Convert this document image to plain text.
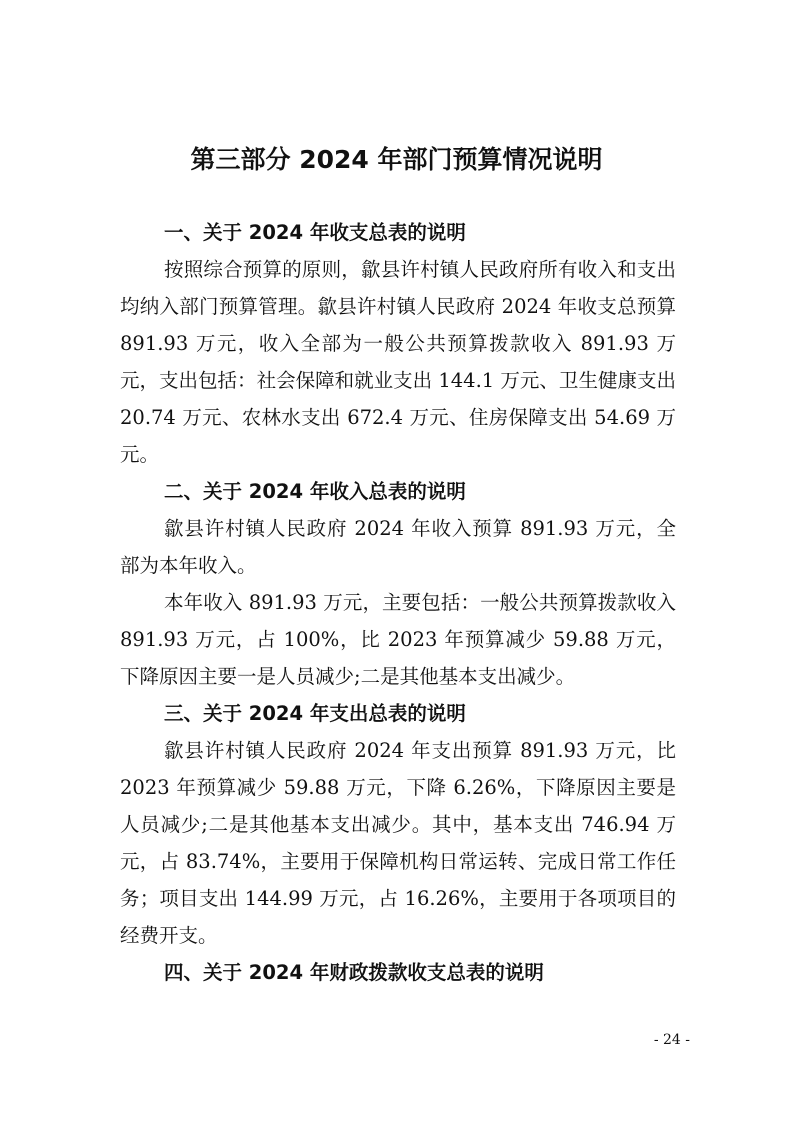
第三部分 2024 年部门预算情况说明

一、关于 2024 年收支总表的说明

按照综合预算的原则，歙县许村镇人民政府所有收入和支出均纳入部门预算管理。歙县许村镇人民政府 2024 年收支总预算 891.93 万元，收入全部为一般公共预算拨款收入 891.93 万元，支出包括：社会保障和就业支出 144.1 万元、卫生健康支出 20.74 万元、农林水支出 672.4 万元、住房保障支出 54.69 万元。

二、关于 2024 年收入总表的说明

歙县许村镇人民政府 2024 年收入预算 891.93 万元，全部为本年收入。

本年收入 891.93 万元，主要包括：一般公共预算拨款收入 891.93 万元，占 100%，比 2023 年预算减少 59.88 万元，下降原因主要一是人员减少;二是其他基本支出减少。

三、关于 2024 年支出总表的说明

歙县许村镇人民政府 2024 年支出预算 891.93 万元，比 2023 年预算减少 59.88 万元，下降 6.26%，下降原因主要是人员减少;二是其他基本支出减少。其中，基本支出 746.94 万元，占 83.74%，主要用于保障机构日常运转、完成日常工作任务；项目支出 144.99 万元，占 16.26%，主要用于各项项目的经费开支。

四、关于 2024 年财政拨款收支总表的说明

- 24 -
